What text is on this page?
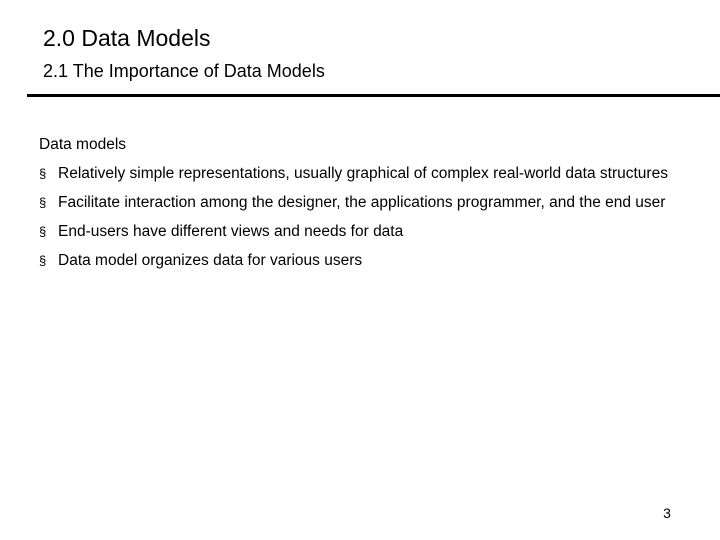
2.0 Data Models
2.1 The Importance of Data Models
Data models
§ Relatively simple representations, usually graphical of complex real-world data structures
§ Facilitate interaction among the designer, the applications programmer, and the end user
§ End-users have different views and needs for data
§ Data model organizes data for various users
3
